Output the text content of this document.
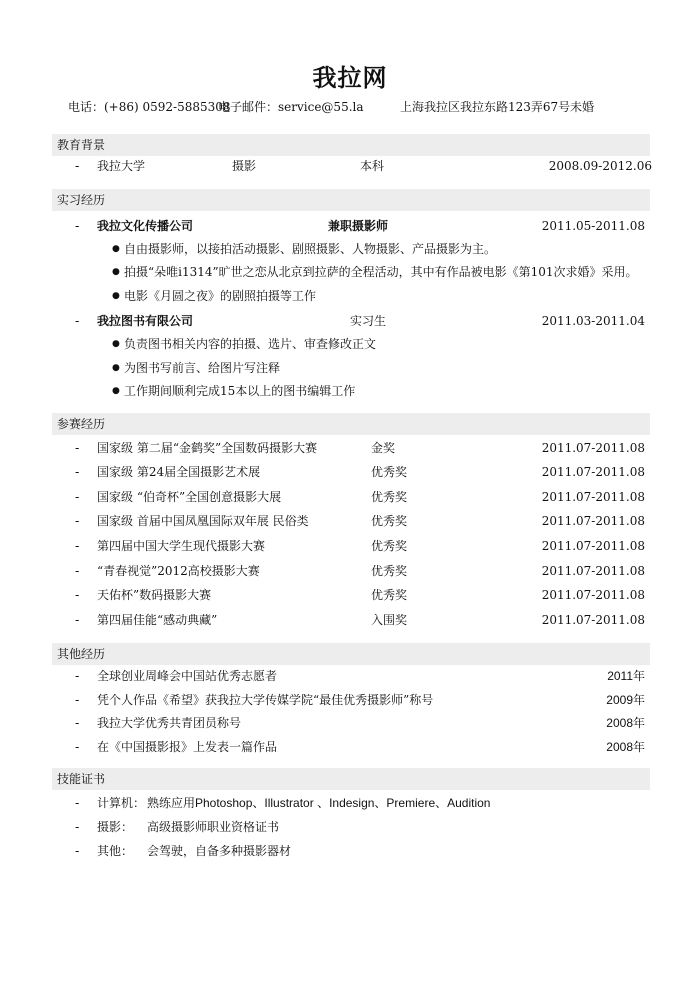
我拉网
电话：(+86) 0592-5885308
电子邮件：service@55.la	上海我拉区我拉东路123弄67号 未婚
教育背景
- 我拉大学	摄影	本科	2008.09-2012.06
实习经历
- 我拉文化传播公司	兼职摄影师	2011.05-2011.08
● 自由摄影师，以接拍活动摄影、剧照摄影、人物摄影、产品摄影为主。
● 拍摄“朵唯i1314”旷世之恋从北京到拉萨的全程活动，其中有作品被电影《第101次求婚》采用。
● 电影《月圆之夜》的剧照拍摄等工作
- 我拉图书有限公司	实习生	2011.03-2011.04
● 负责图书相关内容的拍摄、选片、审查修改正文
● 为图书写前言、给图片写注释
● 工作期间顺利完成15本以上的图书编辑工作
参赛经历
- 国家级 第二届“金鹤奖”全国数码摄影大赛	金奖	2011.07-2011.08
- 国家级 第24届全国摄影艺术展	优秀奖	2011.07-2011.08
- 国家级 “伯奇杯”全国创意摄影大展	优秀奖	2011.07-2011.08
- 国家级 首届中国凤凰国际双年展 民俗类	优秀奖	2011.07-2011.08
- 第四届中国大学生现代摄影大赛	优秀奖	2011.07-2011.08
- “青春视觉”2012高校摄影大赛	优秀奖	2011.07-2011.08
- 天佑杯”数码摄影大赛	优秀奖	2011.07-2011.08
- 第四届佳能“感动典藏”	入围奖	2011.07-2011.08
其他经历
- 全球创业周峰会中国站优秀志愿者	2011年
- 凭个人作品《希望》获我拉大学传媒学院“最佳优秀摄影师”称号	2009年
- 我拉大学优秀共青团员称号	2008年
- 在《中国摄影报》上发表一篇作品	2008年
技能证书
- 计算机： 熟练应用Photoshop、Illustrator 、Indesign、Premiere、Audition
- 摄影： 高级摄影师职业资格证书
- 其他： 会驾驶，自备多种摄影器材
